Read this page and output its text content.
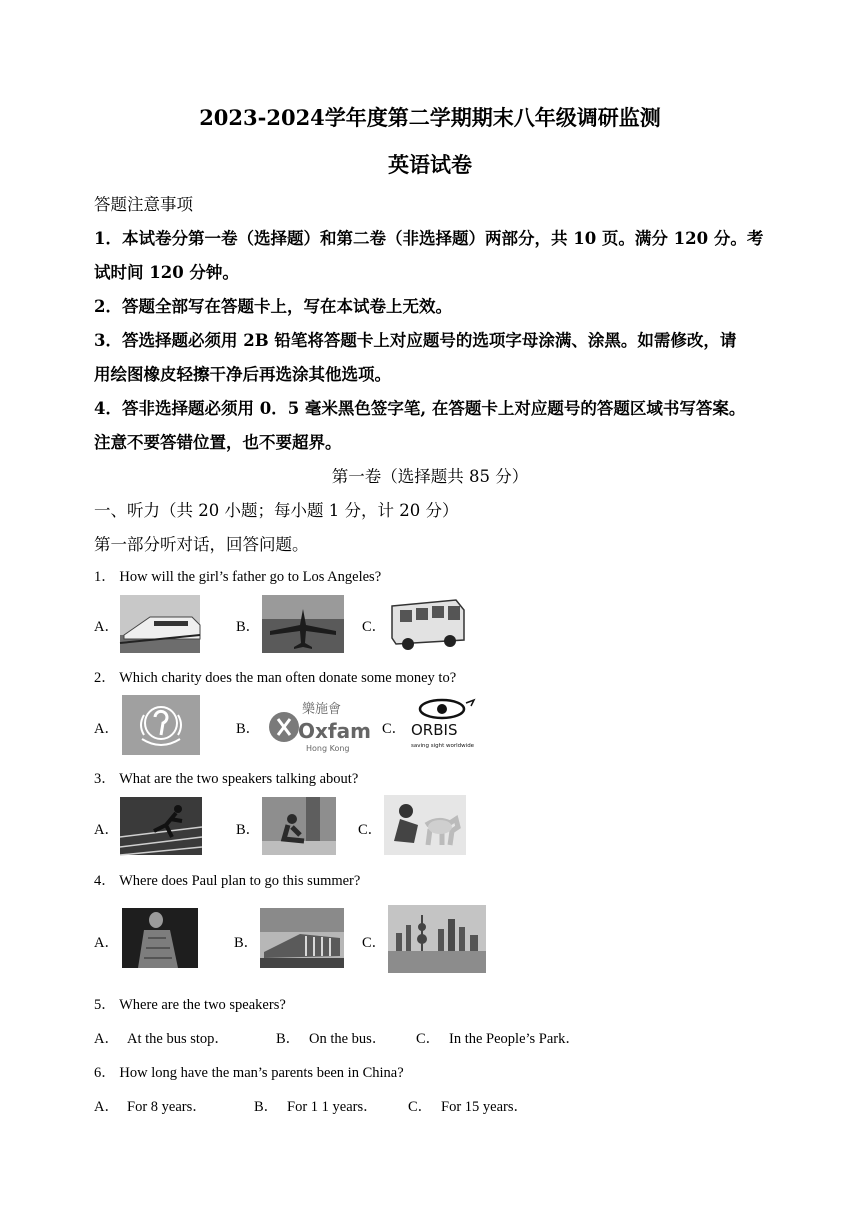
2023-2024学年度第二学期期末八年级调研监测
英语试卷
答题注意事项
1．本试卷分第一卷（选择题）和第二卷（非选择题）两部分，共 10 页。满分 120 分。考
试时间 120 分钟。
2．答题全部写在答题卡上，写在本试卷上无效。
3．答选择题必须用 2B 铅笔将答题卡上对应题号的选项字母涂满、涂黑。如需修改，请
用绘图橡皮轻擦干净后再选涂其他选项。
4．答非选择题必须用 0．5 毫米黑色签字笔, 在答题卡上对应题号的答题区域书写答案。
注意不要答错位置，也不要超界。
第一卷（选择题共 85 分）
一、听力（共 20 小题；每小题 1 分，计 20 分）
第一部分听对话，回答问题。
1． How will the girl’s father go to Los Angeles?
A．	B．	C．
2． Which charity does the man often donate some money to?
A．	B．
樂施會
Oxfam
Hong Kong
C． ORBIS
saving sight worldwide
3． What are the two speakers talking about?
A．	B．	C．
4． Where does Paul plan to go this summer?
A．	B．	C．
5． Where are the two speakers?
A． At the bus stop．	B． On the bus． C． In the People’s Park．
6． How long have the man’s parents been in China?
A． For 8 years．	B． For 1 1 years． C． For 15 years．
